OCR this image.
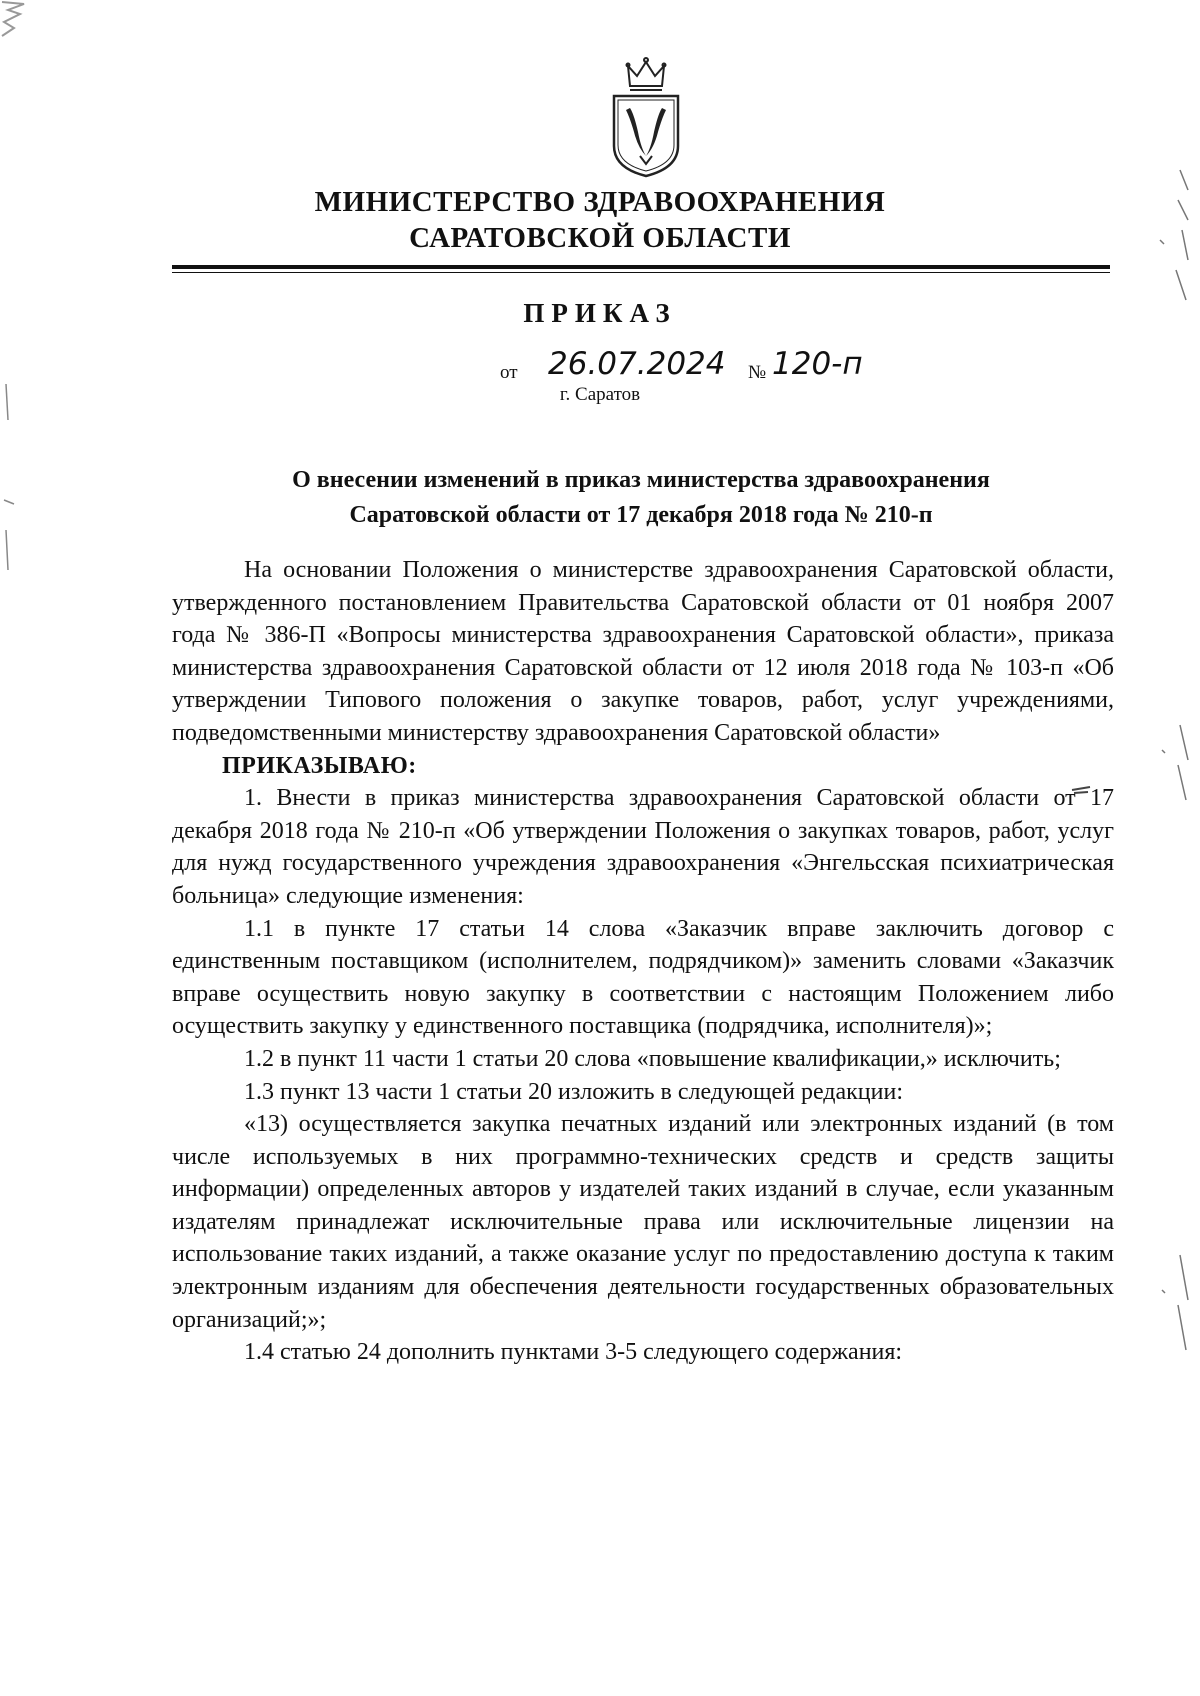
МИНИСТЕРСТВО ЗДРАВООХРАНЕНИЯ
САРАТОВСКОЙ ОБЛАСТИ
ПРИКАЗ
от 26.07.2024 № 120-п
г. Саратов
О внесении изменений в приказ министерства здравоохранения
Саратовской области от 17 декабря 2018 года № 210-п

На основании Положения о министерстве здравоохранения Саратовской области, утвержденного постановлением Правительства Саратовской области от 01 ноября 2007 года № 386-П «Вопросы министерства здравоохранения Саратовской области», приказа министерства здравоохранения Саратовской области от 12 июля 2018 года № 103-п «Об утверждении Типового положения о закупке товаров, работ, услуг учреждениями, подведомственными министерству здравоохранения Саратовской области»

ПРИКАЗЫВАЮ:

1. Внести в приказ министерства здравоохранения Саратовской области от 17 декабря 2018 года № 210-п «Об утверждении Положения о закупках товаров, работ, услуг для нужд государственного учреждения здравоохранения «Энгельсская психиатрическая больница» следующие изменения:

1.1 в пункте 17 статьи 14 слова «Заказчик вправе заключить договор с единственным поставщиком (исполнителем, подрядчиком)» заменить словами «Заказчик вправе осуществить новую закупку в соответствии с настоящим Положением либо осуществить закупку у единственного поставщика (подрядчика, исполнителя)»;

1.2 в пункт 11 части 1 статьи 20 слова «повышение квалификации,» исключить;

1.3 пункт 13 части 1 статьи 20 изложить в следующей редакции:

«13) осуществляется закупка печатных изданий или электронных изданий (в том числе используемых в них программно-технических средств и средств защиты информации) определенных авторов у издателей таких изданий в случае, если указанным издателям принадлежат исключительные права или исключительные лицензии на использование таких изданий, а также оказание услуг по предоставлению доступа к таким электронным изданиям для обеспечения деятельности государственных образовательных организаций;»;

1.4 статью 24 дополнить пунктами 3-5 следующего содержания:
